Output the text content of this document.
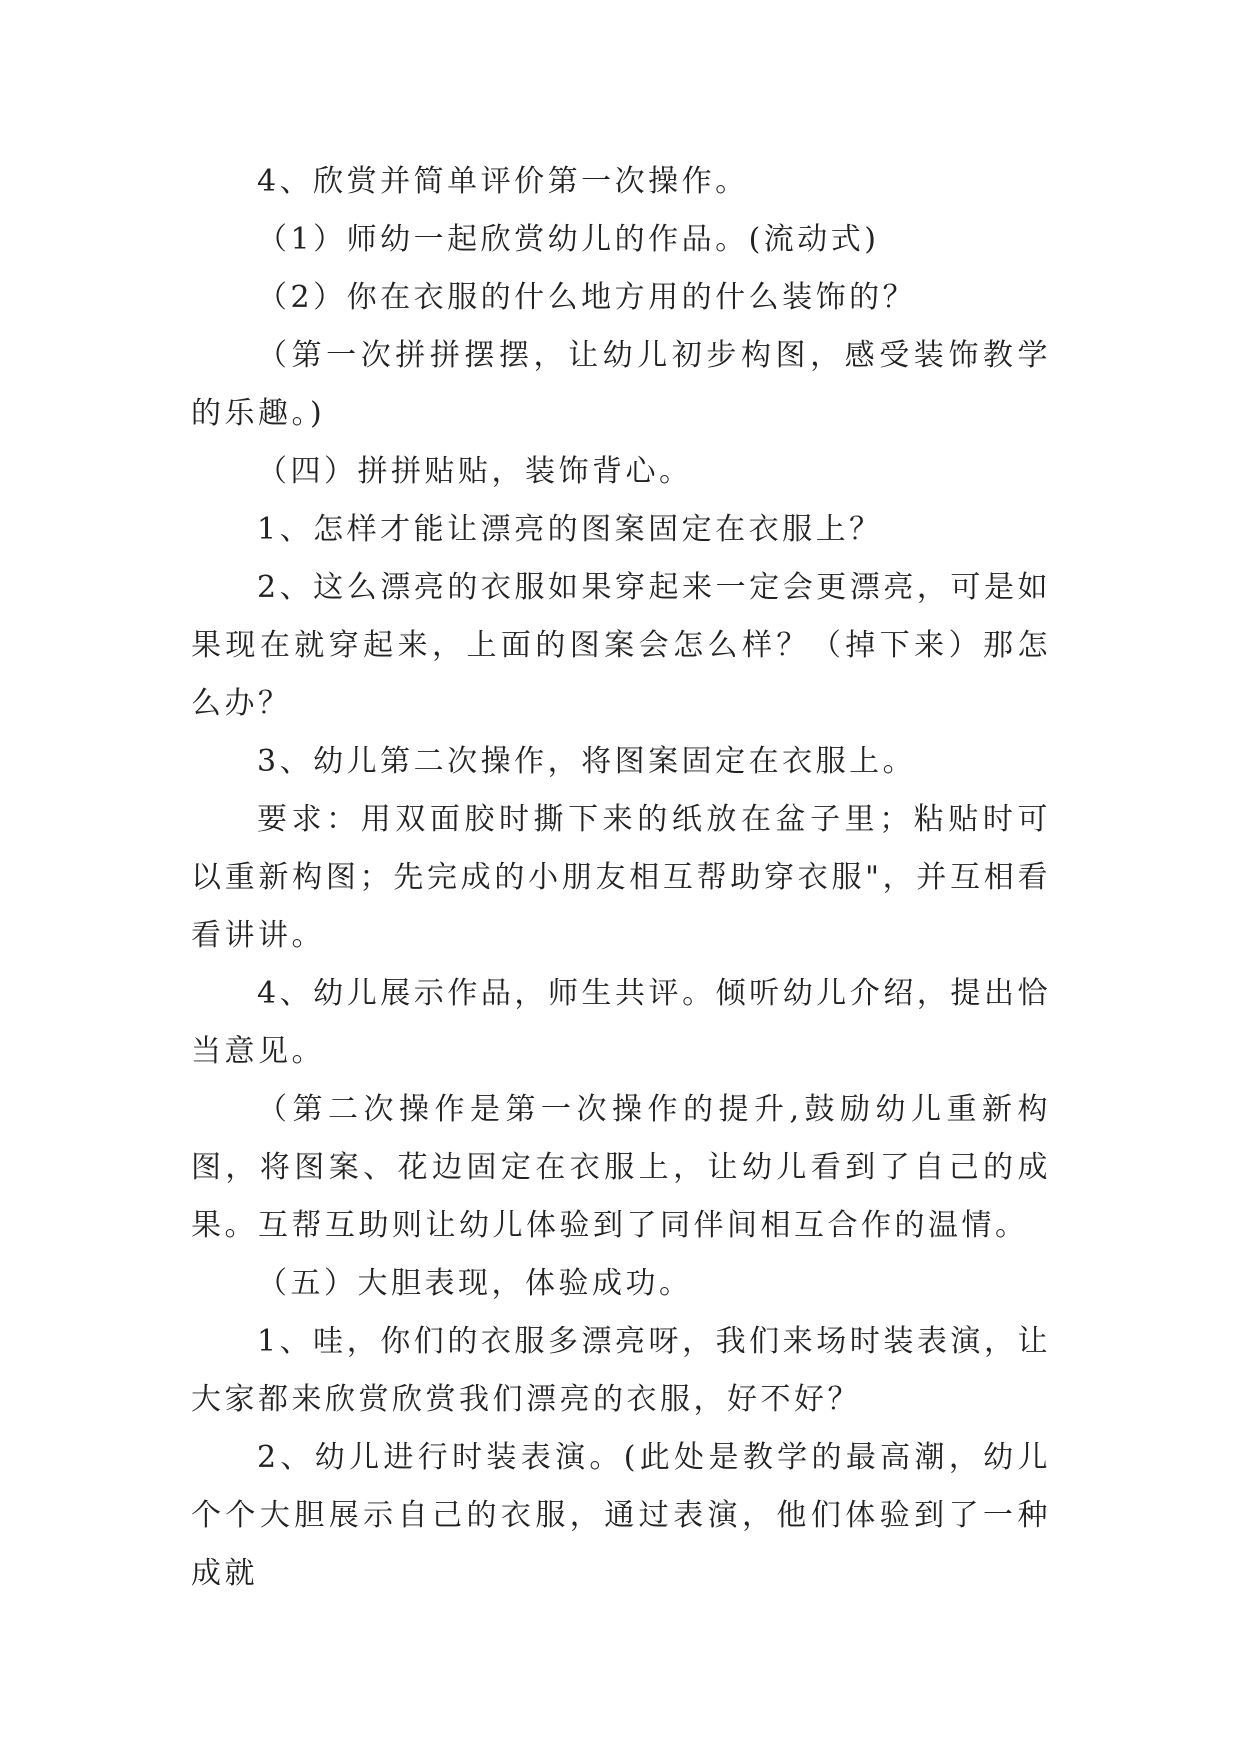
4、欣赏并简单评价第一次操作。

（1）师幼一起欣赏幼儿的作品。(流动式)

（2）你在衣服的什么地方用的什么装饰的？

（第一次拼拼摆摆，让幼儿初步构图，感受装饰教学的乐趣。)

（四）拼拼贴贴，装饰背心。

1、怎样才能让漂亮的图案固定在衣服上？

2、这么漂亮的衣服如果穿起来一定会更漂亮，可是如果现在就穿起来，上面的图案会怎么样？（掉下来）那怎么办？

3、幼儿第二次操作，将图案固定在衣服上。

要求：用双面胶时撕下来的纸放在盆子里；粘贴时可以重新构图；先完成的小朋友相互帮助穿衣服"，并互相看看讲讲。

4、幼儿展示作品，师生共评。倾听幼儿介绍，提出恰当意见。

（第二次操作是第一次操作的提升,鼓励幼儿重新构图，将图案、花边固定在衣服上，让幼儿看到了自己的成果。互帮互助则让幼儿体验到了同伴间相互合作的温情。

（五）大胆表现，体验成功。

1、哇，你们的衣服多漂亮呀，我们来场时装表演，让大家都来欣赏欣赏我们漂亮的衣服，好不好？

2、幼儿进行时装表演。(此处是教学的最高潮，幼儿个个大胆展示自己的衣服，通过表演，他们体验到了一种成就
